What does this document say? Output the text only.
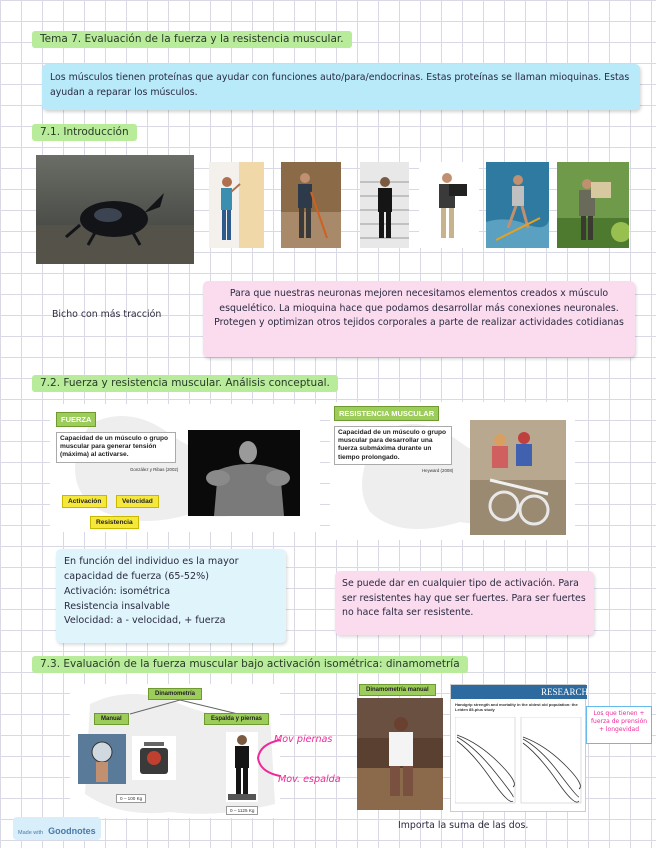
Tema 7. Evaluación de la fuerza y la resistencia muscular.
Los músculos tienen proteínas que ayudar con funciones auto/para/endocrinas. Estas proteínas se llaman mioquinas. Estas ayudan a reparar los músculos.
7.1. Introducción
Bicho con más tracción
Para que nuestras neuronas mejoren necesitamos elementos creados x músculo esquelético. La mioquina hace que podamos desarrollar más conexiones neuronales. Protegen y optimizan otros tejidos corporales a parte de realizar actividades cotidianas
7.2. Fuerza y resistencia muscular. Análisis conceptual.
FUERZA
Capacidad de un músculo o grupo muscular para generar tensión (máxima) al activarse.
González y Ribas (2002)
Activación	Velocidad
Resistencia
RESISTENCIA MUSCULAR
Capacidad de un músculo o grupo muscular para desarrollar una fuerza submáxima durante un tiempo prolongado.
Heyward (2008)
En función del individuo es la mayor
capacidad de fuerza (65-52%)
Activación: isométrica
Resistencia insalvable
Velocidad: a - velocidad, + fuerza
Se puede dar en cualquier tipo de activación. Para ser resistentes hay que ser fuertes. Para ser fuertes no hace falta ser resistente.
7.3. Evaluación de la fuerza muscular bajo activación isométrica: dinamometría
Dinamometría
Manual	Espalda y piernas
0 – 100 Kg
0 – 1125 Kg
Mov piernas
Mov. espalda
Dinamometría manual	RESEARCH
Handgrip strength and mortality in the oldest old population: the Leiden 85-plus study
Los que tienen + fuerza de prensión + longevidad
Importa la suma de las dos.
Made with Goodnotes
